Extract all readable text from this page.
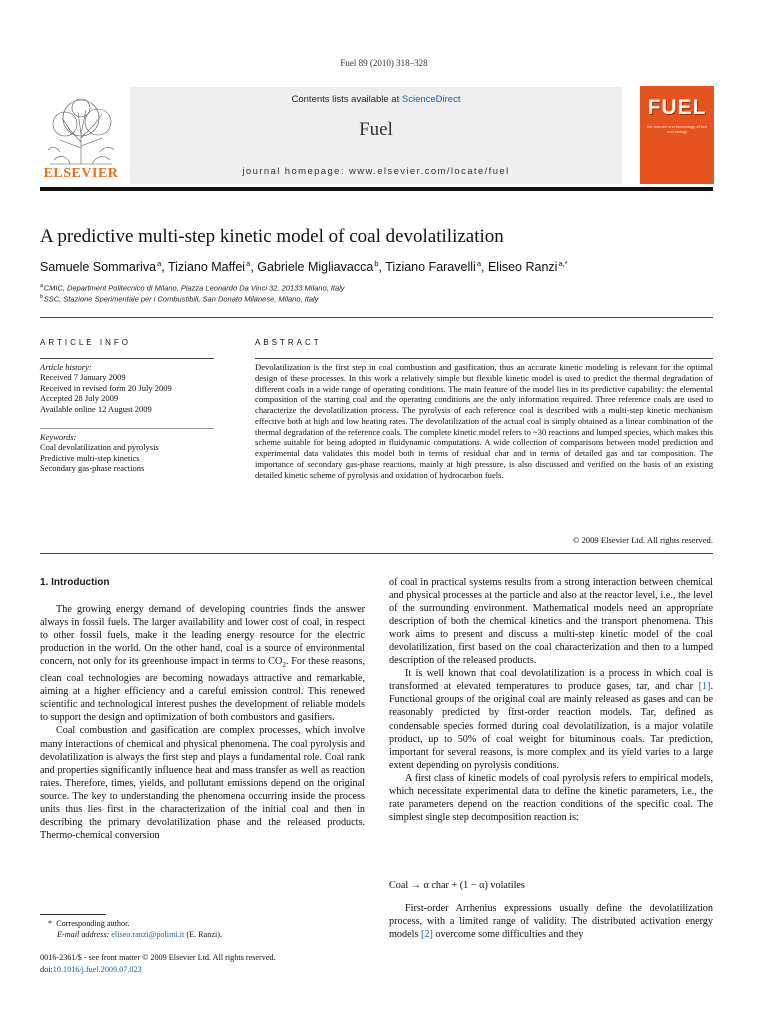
Fuel 89 (2010) 318–328
ELSEVIER
Contents lists available at ScienceDirect
Fuel
journal homepage: www.elsevier.com/locate/fuel
FUEL
the science and technology of fuel and energy
A predictive multi-step kinetic model of coal devolatilization
Samuele Sommariva $^a$, Tiziano Maffei $^a$, Gabriele Migliavacca $^b$, Tiziano Faravelli $^a$, Eliseo Ranzi $^{a,*}$
$^a$ CMIC, Department Politecnico di Milano, Piazza Leonardo Da Vinci 32, 20133 Milano, Italy
$^b$ SSC, Stazione Sperimentale per i Combustibili, San Donato Milanese, Milano, Italy
ARTICLE INFO
Article history:
Received 7 January 2009
Received in revised form 20 July 2009
Accepted 28 July 2009
Available online 12 August 2009
Keywords:
Coal devolatilization and pyrolysis
Predictive multi-step kinetics
Secondary gas-phase reactions
ABSTRACT
Devolatilization is the first step in coal combustion and gasification, thus an accurate kinetic modeling is relevant for the optimal design of these processes. In this work a relatively simple but flexible kinetic model is used to predict the thermal degradation of different coals in a wide range of operating conditions. The main feature of the model lies in its predictive capability: the elemental composition of the starting coal and the operating conditions are the only information required. Three reference coals are used to characterize the devolatilization process. The pyrolysis of each reference coal is described with a multi-step kinetic mechanism effective both at high and low heating rates. The devolatilization of the actual coal is simply obtained as a linear combination of the thermal degradation of the reference coals. The complete kinetic model refers to ~30 reactions and lumped species, which makes this scheme suitable for being adopted in fluidynamic computations. A wide collection of comparisons between model prediction and experimental data validates this model both in terms of residual char and in terms of detailed gas and tar composition. The importance of secondary gas-phase reactions, mainly at high pressure, is also discussed and verified on the basis of an existing detailed kinetic scheme of pyrolysis and oxidation of hydrocarbon fuels.
© 2009 Elsevier Ltd. All rights reserved.
1. Introduction

The growing energy demand of developing countries finds the answer always in fossil fuels. The larger availability and lower cost of coal, in respect to other fossil fuels, make it the leading energy resource for the electric production in the world. On the other hand, coal is a source of environmental concern, not only for its greenhouse impact in terms to $CO_2$. For these reasons, clean coal technologies are becoming nowadays attractive and remarkable, aiming at a higher efficiency and a careful emission control. This renewed scientific and technological interest pushes the development of reliable models to support the design and optimization of both combustors and gasifiers.

Coal combustion and gasification are complex processes, which involve many interactions of chemical and physical phenomena. The coal pyrolysis and devolatilization is always the first step and plays a fundamental role. Coal rank and properties significantly influence heat and mass transfer as well as reaction rates. Therefore, times, yields, and pollutant emissions depend on the original source. The key to understanding the phenomena occurring inside the process units thus lies first in the characterization of the initial coal and then in describing the primary devolatilization phase and the released products. Thermo-chemical conversion

of coal in practical systems results from a strong interaction between chemical and physical processes at the particle and also at the reactor level, i.e., the level of the surrounding environment. Mathematical models need an appropriate description of both the chemical kinetics and the transport phenomena. This work aims to present and discuss a multi-step kinetic model of the coal devolatilization, first based on the coal characterization and then to a lumped description of the released products.

It is well known that coal devolatilization is a process in which coal is transformed at elevated temperatures to produce gases, tar, and char [1]. Functional groups of the original coal are mainly released as gases and can be reasonably predicted by first-order reaction models. Tar, defined as condensable species formed during coal devolatilization, is a major volatile product, up to 50% of coal weight for bituminous coals. Tar prediction, important for several reasons, is more complex and its yield varies to a large extent depending on pyrolysis conditions.

A first class of kinetic models of coal pyrolysis refers to empirical models, which necessitate experimental data to define the kinetic parameters, i.e., the rate parameters depend on the reaction conditions of the specific coal. The simplest single step decomposition reaction is:

Coal → α char + (1 − α) volatiles

First-order Arrhenius expressions usually define the devolatilization process, with a limited range of validity. The distributed activation energy models [2] overcome some difficulties and they

* Corresponding author.
E-mail address: eliseo.ranzi@polimi.it (E. Ranzi).
0016-2361/$ - see front matter © 2009 Elsevier Ltd. All rights reserved.
doi:10.1016/j.fuel.2009.07.023
